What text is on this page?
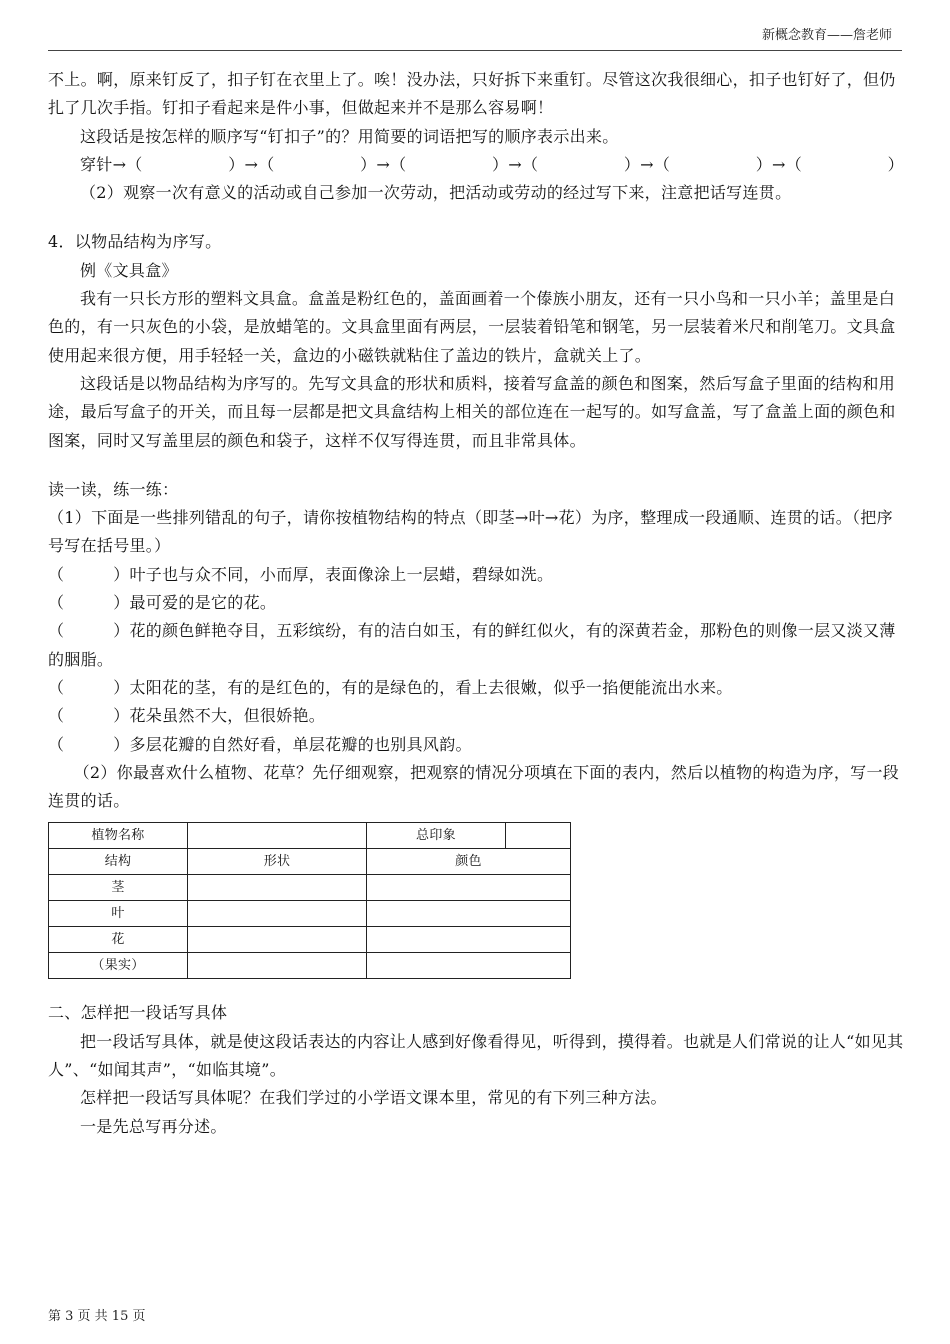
新概念教育——詹老师

不上。啊，原来钉反了，扣子钉在衣里上了。唉！没办法，只好拆下来重钉。尽管这次我很细心，扣子也钉好了，但仍扎了几次手指。钉扣子看起来是件小事，但做起来并不是那么容易啊！

这段话是按怎样的顺序写“钉扣子”的？用简要的词语把写的顺序表示出来。

穿针→（	）→（	）→（	）→（	）→（	）→（	）

（2）观察一次有意义的活动或自己参加一次劳动，把活动或劳动的经过写下来，注意把话写连贯。

4．以物品结构为序写。

例《文具盒》

我有一只长方形的塑料文具盒。盒盖是粉红色的，盖面画着一个傣族小朋友，还有一只小鸟和一只小羊；盖里是白色的，有一只灰色的小袋，是放蜡笔的。文具盒里面有两层，一层装着铅笔和钢笔，另一层装着米尺和削笔刀。文具盒使用起来很方便，用手轻轻一关，盒边的小磁铁就粘住了盖边的铁片，盒就关上了。

这段话是以物品结构为序写的。先写文具盒的形状和质料，接着写盒盖的颜色和图案，然后写盒子里面的结构和用途，最后写盒子的开关，而且每一层都是把文具盒结构上相关的部位连在一起写的。如写盒盖，写了盒盖上面的颜色和图案，同时又写盖里层的颜色和袋子，这样不仅写得连贯，而且非常具体。

读一读，练一练：

（1）下面是一些排列错乱的句子，请你按植物结构的特点（即茎→叶→花）为序，整理成一段通顺、连贯的话。（把序号写在括号里。）

（　　　）叶子也与众不同，小而厚，表面像涂上一层蜡，碧绿如洗。

（　　　）最可爱的是它的花。

（　　　）花的颜色鲜艳夺目，五彩缤纷，有的洁白如玉，有的鲜红似火，有的深黄若金，那粉色的则像一层又淡又薄的胭脂。

（　　　）太阳花的茎，有的是红色的，有的是绿色的，看上去很嫩，似乎一掐便能流出水来。

（　　　）花朵虽然不大，但很娇艳。

（　　　）多层花瓣的自然好看，单层花瓣的也别具风韵。

（2）你最喜欢什么植物、花草？先仔细观察，把观察的情况分项填在下面的表内，然后以植物的构造为序，写一段连贯的话。

植物名称		总印象	
结构	形状	颜色	
茎			
叶			
花			
（果实）			

二、怎样把一段话写具体

把一段话写具体，就是使这段话表达的内容让人感到好像看得见，听得到，摸得着。也就是人们常说的让人“如见其人”、“如闻其声”，“如临其境”。

怎样把一段话写具体呢？在我们学过的小学语文课本里，常见的有下列三种方法。

一是先总写再分述。

第 3 页 共 15 页
